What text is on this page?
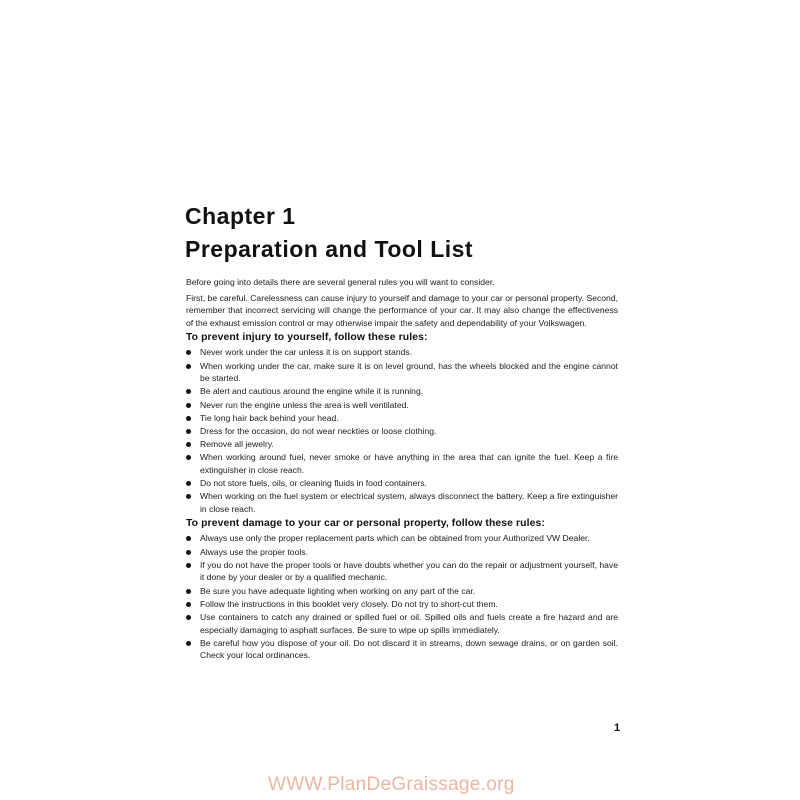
Chapter 1
Preparation and Tool List

Before going into details there are several general rules you will want to consider.

First, be careful. Carelessness can cause injury to yourself and damage to your car or personal property. Second, remember that incorrect servicing will change the performance of your car. It may also change the effectiveness of the exhaust emission control or may otherwise impair the safety and dependability of your Volkswagen.

To prevent injury to yourself, follow these rules:
Never work under the car unless it is on support stands.
When working under the car, make sure it is on level ground, has the wheels blocked and the engine cannot be started.
Be alert and cautious around the engine while it is running.
Never run the engine unless the area is well ventilated.
Tie long hair back behind your head.
Dress for the occasion, do not wear neckties or loose clothing.
Remove all jewelry.
When working around fuel, never smoke or have anything in the area that can ignite the fuel. Keep a fire extinguisher in close reach.
Do not store fuels, oils, or cleaning fluids in food containers.
When working on the fuel system or electrical system, always disconnect the battery. Keep a fire extinguisher in close reach.
To prevent damage to your car or personal property, follow these rules:
Always use only the proper replacement parts which can be obtained from your Authorized VW Dealer.
Always use the proper tools.
If you do not have the proper tools or have doubts whether you can do the repair or adjustment yourself, have it done by your dealer or by a qualified mechanic.
Be sure you have adequate lighting when working on any part of the car.
Follow the instructions in this booklet very closely. Do not try to short-cut them.
Use containers to catch any drained or spilled fuel or oil. Spilled oils and fuels create a fire hazard and are especially damaging to asphalt surfaces. Be sure to wipe up spills immediately.
Be careful how you dispose of your oil. Do not discard it in streams, down sewage drains, or on garden soil. Check your local ordinances.
1
WWW.PlanDeGraissage.org
